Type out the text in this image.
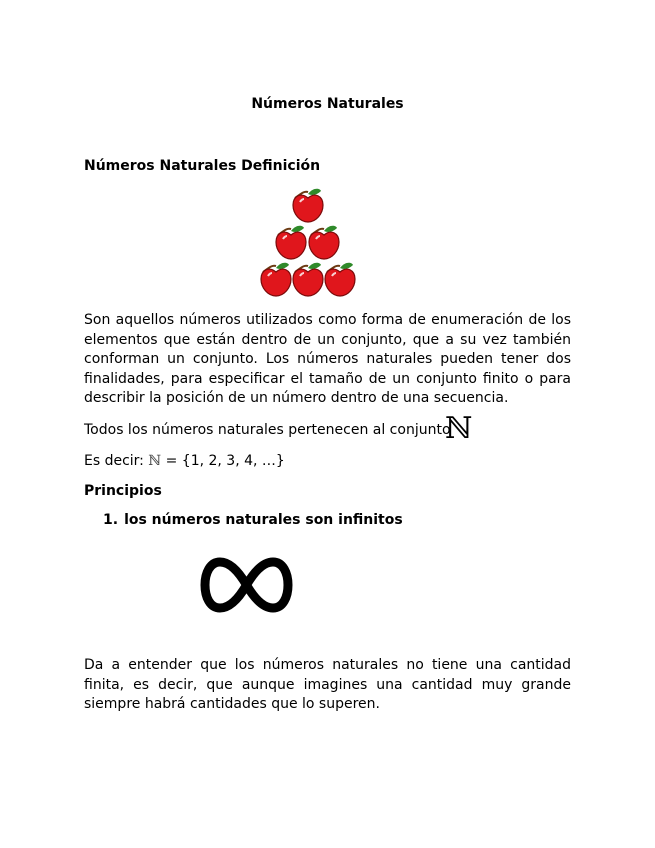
Números Naturales
Números Naturales Definición

Son aquellos números utilizados como forma de enumeración de los elementos que están dentro de un conjunto, que a su vez también conforman un conjunto. Los números naturales pueden tener dos finalidades, para especificar el tamaño de un conjunto finito o para describir la posición de un número dentro de una secuencia.

Todos los números naturales pertenecen al conjunto

ℕ

Es decir: ℕ = {1, 2, 3, 4, …}

Principios
1. los números naturales son infinitos

Da a entender que los números naturales no tiene una cantidad finita, es decir, que aunque imagines una cantidad muy grande siempre habrá cantidades que lo superen.
